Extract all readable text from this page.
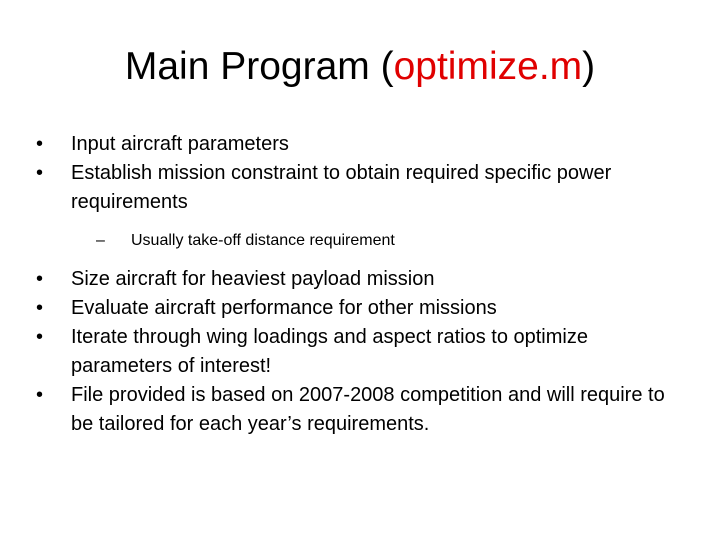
Main Program (optimize.m)
•	Input aircraft parameters
•	Establish mission constraint to obtain required specific power requirements
– Usually take-off distance requirement
•	Size aircraft for heaviest payload mission
•	Evaluate aircraft performance for other missions
•	Iterate through wing loadings and aspect ratios to optimize parameters of interest!
•	File provided is based on 2007-2008 competition and will require to be tailored for each year’s requirements.
